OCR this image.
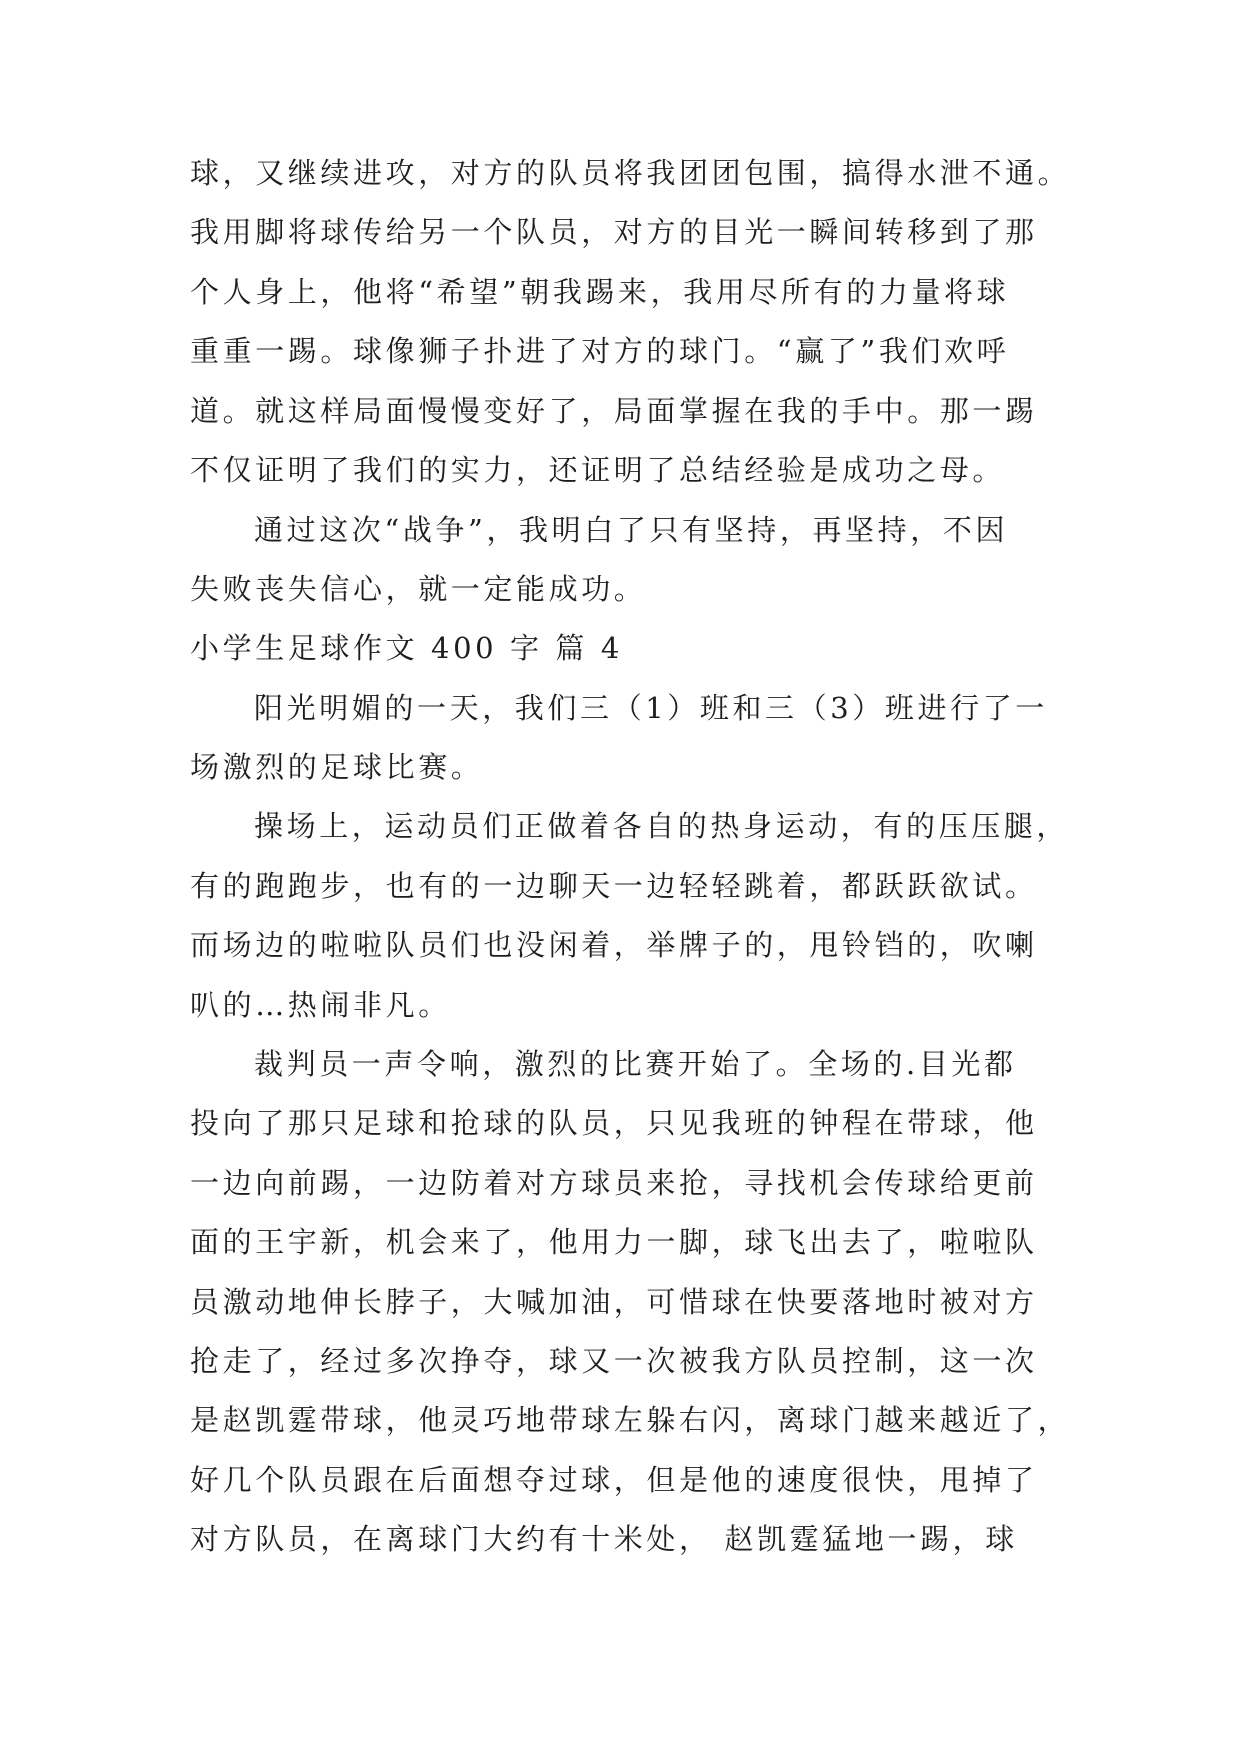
球，又继续进攻，对方的队员将我团团包围，搞得水泄不通。
我用脚将球传给另一个队员，对方的目光一瞬间转移到了那
个人身上，他将“希望”朝我踢来，我用尽所有的力量将球
重重一踢。球像狮子扑进了对方的球门。“赢了”我们欢呼
道。就这样局面慢慢变好了，局面掌握在我的手中。那一踢
不仅证明了我们的实力，还证明了总结经验是成功之母。
通过这次“战争”，我明白了只有坚持，再坚持，不因
失败丧失信心，就一定能成功。
小学生足球作文 400 字 篇 4
阳光明媚的一天，我们三（1）班和三（3）班进行了一
场激烈的足球比赛。
操场上，运动员们正做着各自的热身运动，有的压压腿，
有的跑跑步，也有的一边聊天一边轻轻跳着，都跃跃欲试。
而场边的啦啦队员们也没闲着，举牌子的，甩铃铛的，吹喇
叭的…热闹非凡。
裁判员一声令响，激烈的比赛开始了。全场的.目光都
投向了那只足球和抢球的队员，只见我班的钟程在带球，他
一边向前踢，一边防着对方球员来抢，寻找机会传球给更前
面的王宇新，机会来了，他用力一脚，球飞出去了，啦啦队
员激动地伸长脖子，大喊加油，可惜球在快要落地时被对方
抢走了，经过多次挣夺，球又一次被我方队员控制，这一次
是赵凯霆带球，他灵巧地带球左躲右闪，离球门越来越近了，
好几个队员跟在后面想夺过球，但是他的速度很快，甩掉了
对方队员，在离球门大约有十米处， 赵凯霆猛地一踢，球
